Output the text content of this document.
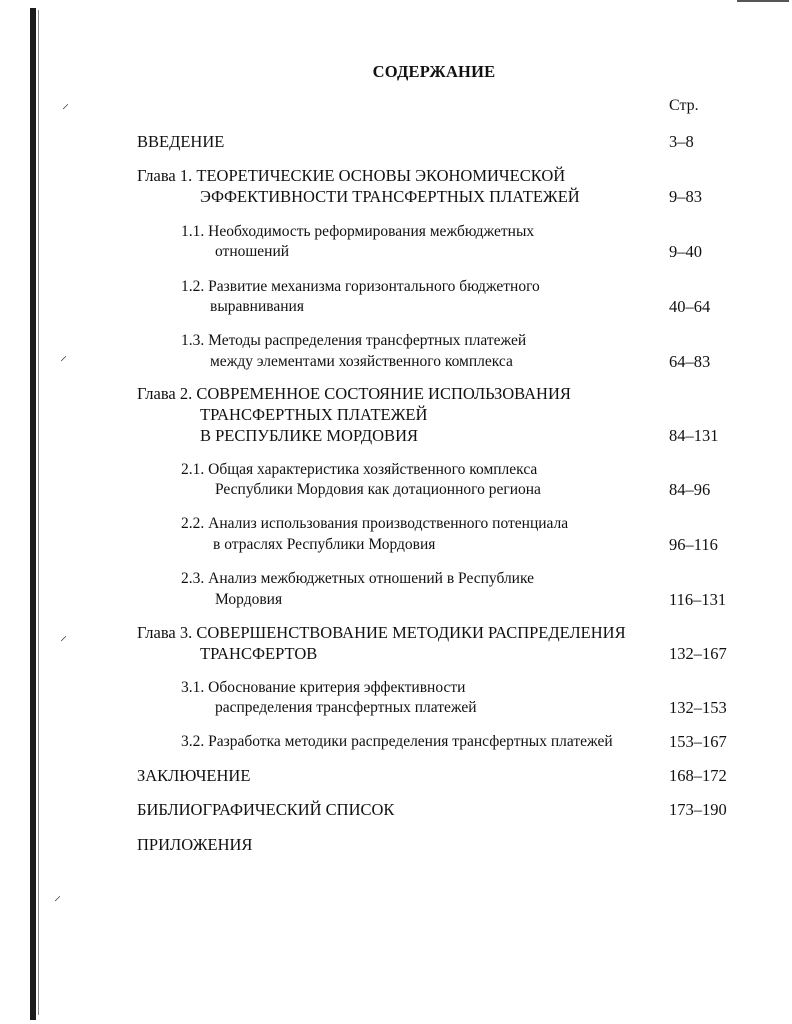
⸍
⸍
⸍
⸍
СОДЕРЖАНИЕ
Стр.
ВВЕДЕНИЕ	3–8
Глава 1. ТЕОРЕТИЧЕСКИЕ ОСНОВЫ ЭКОНОМИЧЕСКОЙ
ЭФФЕКТИВНОСТИ ТРАНСФЕРТНЫХ ПЛАТЕЖЕЙ	9–83
1.1. Необходимость реформирования межбюджетных
отношений	9–40
1.2. Развитие механизма горизонтального бюджетного
выравнивания	40–64
1.3. Методы распределения трансфертных платежей
между элементами хозяйственного комплекса	64–83
Глава 2. СОВРЕМЕННОЕ СОСТОЯНИЕ ИСПОЛЬЗОВАНИЯ
ТРАНСФЕРТНЫХ ПЛАТЕЖЕЙ
В РЕСПУБЛИКЕ МОРДОВИЯ	84–131
2.1. Общая характеристика хозяйственного комплекса
Республики Мордовия как дотационного региона	84–96
2.2. Анализ использования производственного потенциала
в отраслях Республики Мордовия	96–116
2.3. Анализ межбюджетных отношений в Республике
Мордовия	116–131
Глава 3. СОВЕРШЕНСТВОВАНИЕ МЕТОДИКИ РАСПРЕДЕЛЕНИЯ
ТРАНСФЕРТОВ	132–167
3.1. Обоснование критерия эффективности
распределения трансфертных платежей	132–153
3.2. Разработка методики распределения трансфертных платежей	153–167
ЗАКЛЮЧЕНИЕ	168–172
БИБЛИОГРАФИЧЕСКИЙ СПИСОК	173–190
ПРИЛОЖЕНИЯ
